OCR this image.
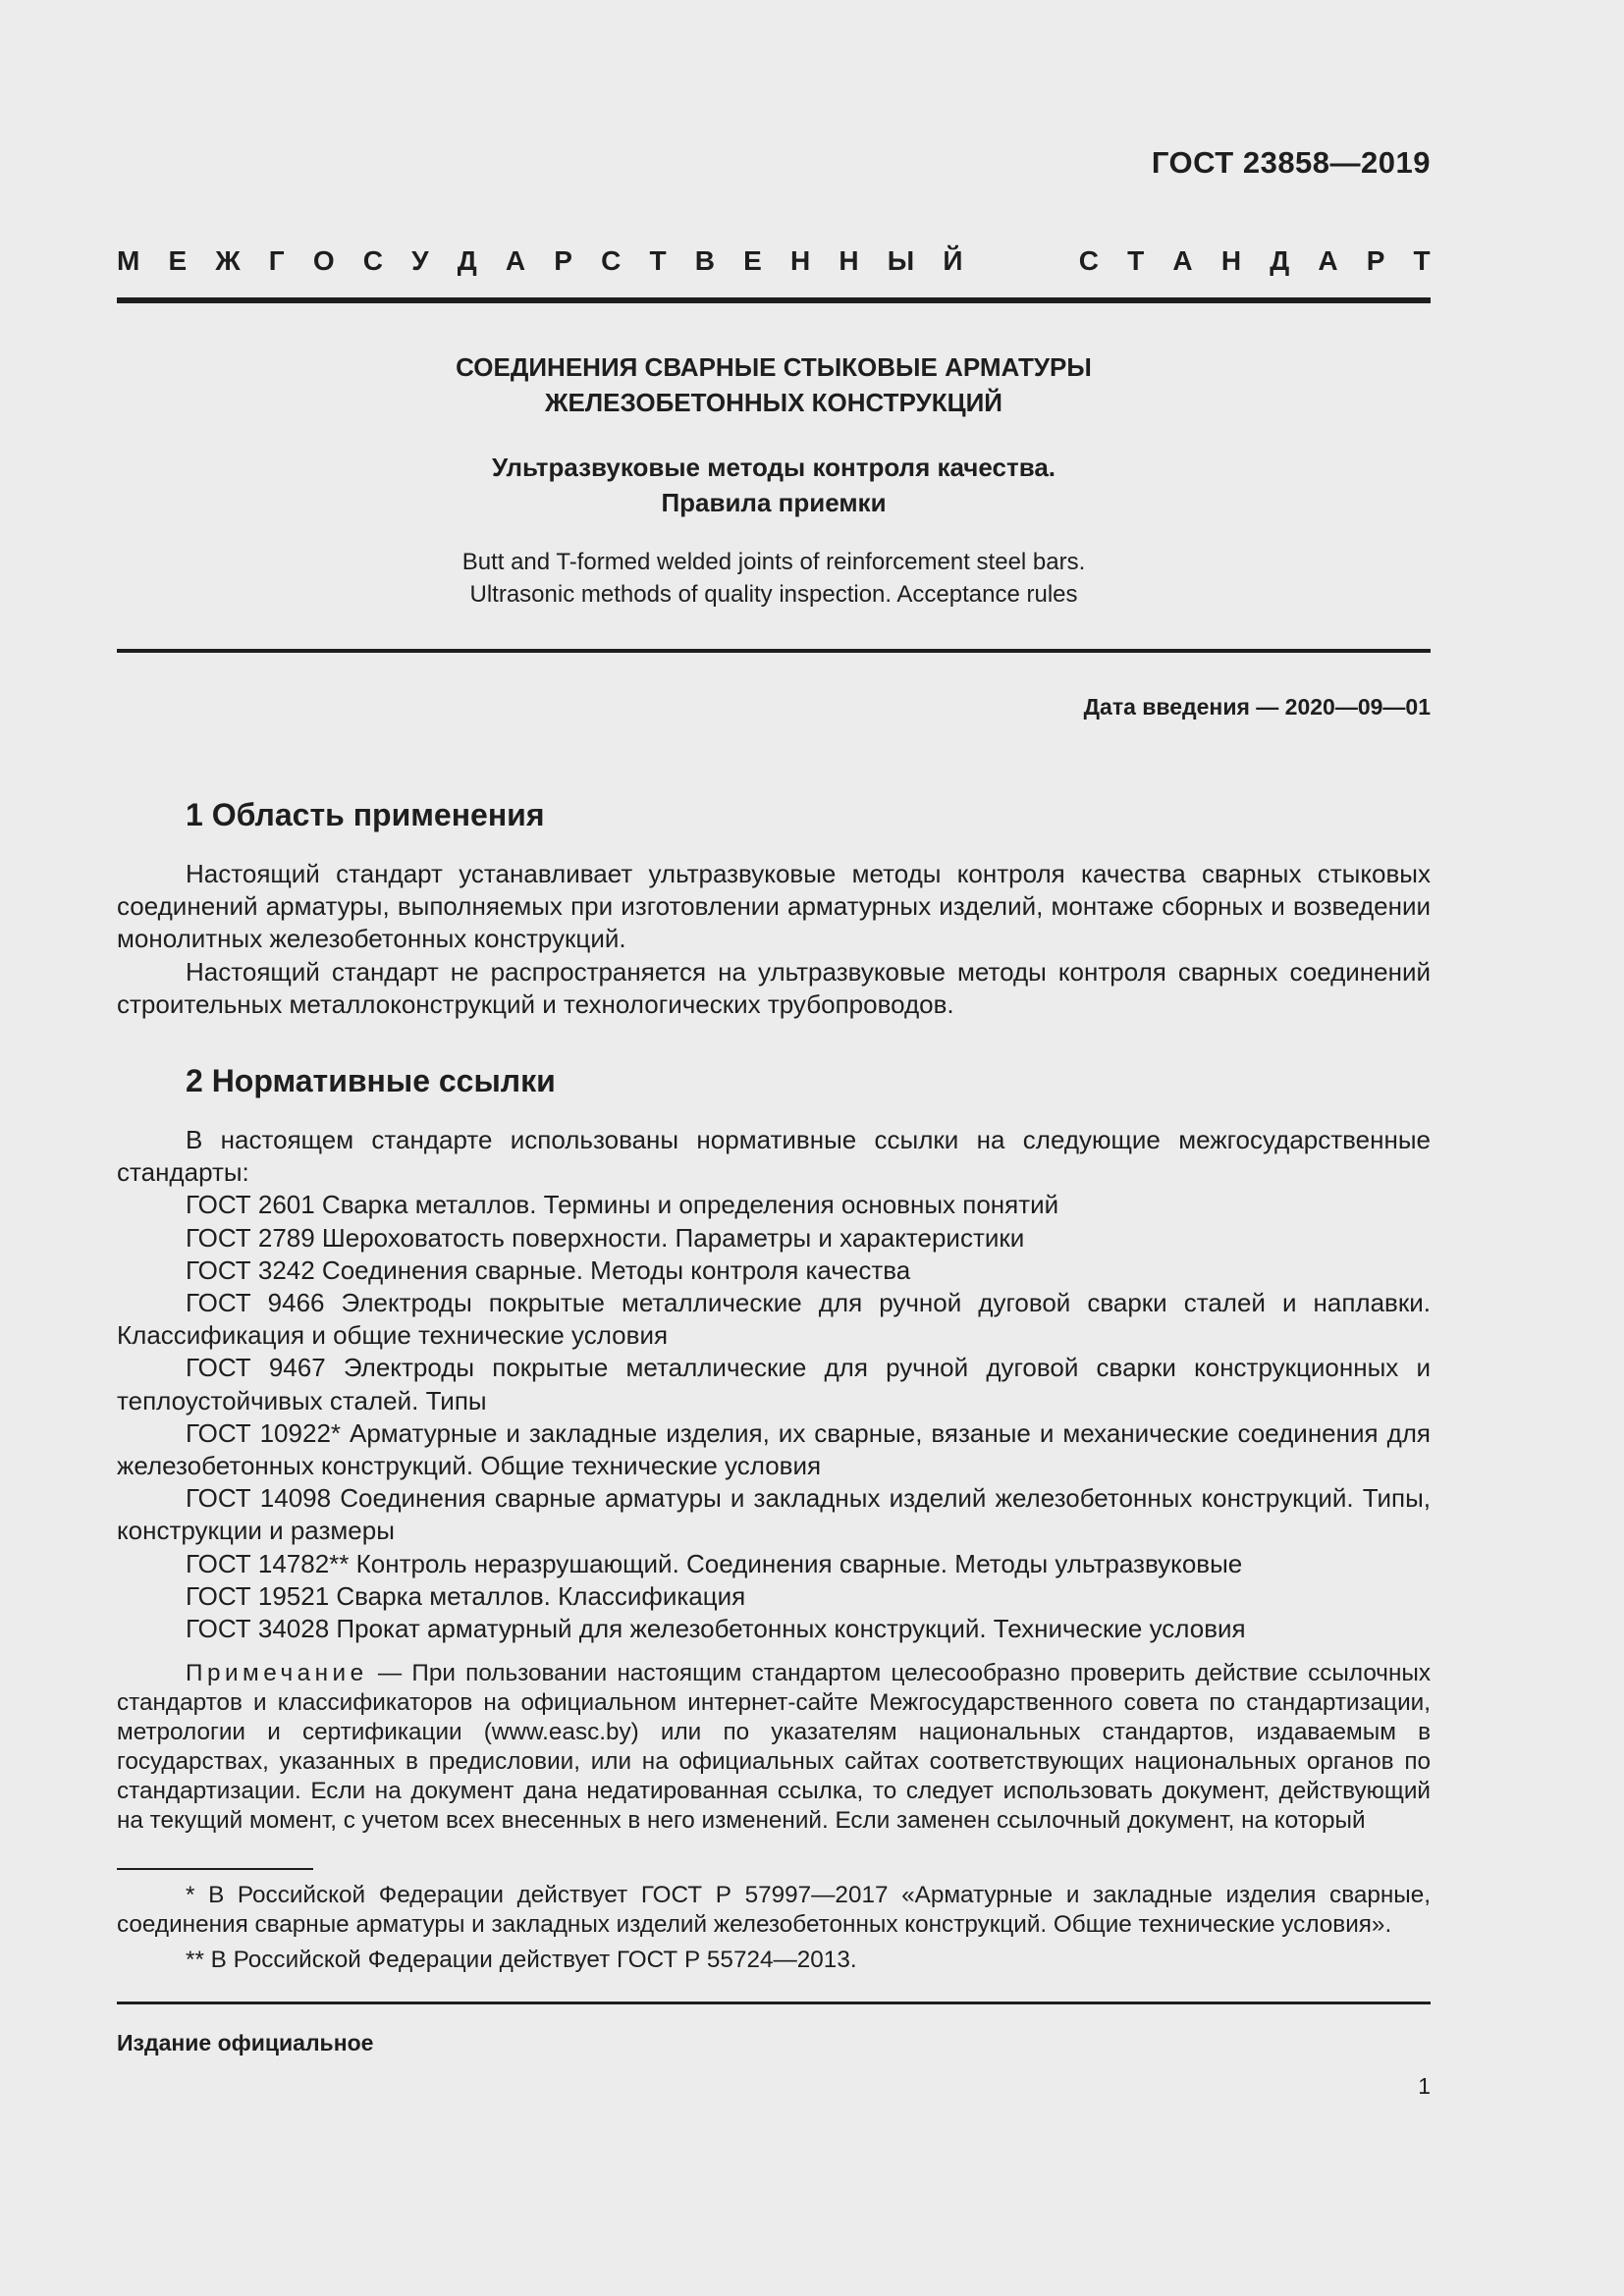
ГОСТ 23858—2019
М Е Ж Г О С У Д А Р С Т В Е Н Н Ы Й	С Т А Н Д А Р Т
СОЕДИНЕНИЯ СВАРНЫЕ СТЫКОВЫЕ АРМАТУРЫ
ЖЕЛЕЗОБЕТОННЫХ КОНСТРУКЦИЙ
Ультразвуковые методы контроля качества.
Правила приемки
Butt and T-formed welded joints of reinforcement steel bars.
Ultrasonic methods of quality inspection. Acceptance rules
Дата введения — 2020—09—01
1 Область применения

Настоящий стандарт устанавливает ультразвуковые методы контроля качества сварных стыковых соединений арматуры, выполняемых при изготовлении арматурных изделий, монтаже сборных и возведении монолитных железобетонных конструкций.

Настоящий стандарт не распространяется на ультразвуковые методы контроля сварных соединений строительных металлоконструкций и технологических трубопроводов.

2 Нормативные ссылки

В настоящем стандарте использованы нормативные ссылки на следующие межгосударственные стандарты:

ГОСТ 2601 Сварка металлов. Термины и определения основных понятий

ГОСТ 2789 Шероховатость поверхности. Параметры и характеристики

ГОСТ 3242 Соединения сварные. Методы контроля качества

ГОСТ 9466 Электроды покрытые металлические для ручной дуговой сварки сталей и наплавки. Классификация и общие технические условия

ГОСТ 9467 Электроды покрытые металлические для ручной дуговой сварки конструкционных и теплоустойчивых сталей. Типы

ГОСТ 10922* Арматурные и закладные изделия, их сварные, вязаные и механические соединения для железобетонных конструкций. Общие технические условия

ГОСТ 14098 Соединения сварные арматуры и закладных изделий железобетонных конструкций. Типы, конструкции и размеры

ГОСТ 14782** Контроль неразрушающий. Соединения сварные. Методы ультразвуковые

ГОСТ 19521 Сварка металлов. Классификация

ГОСТ 34028 Прокат арматурный для железобетонных конструкций. Технические условия

Примечание — При пользовании настоящим стандартом целесообразно проверить действие ссылочных стандартов и классификаторов на официальном интернет-сайте Межгосударственного совета по стандартизации, метрологии и сертификации (www.easc.by) или по указателям национальных стандартов, издаваемым в государствах, указанных в предисловии, или на официальных сайтах соответствующих национальных органов по стандартизации. Если на документ дана недатированная ссылка, то следует использовать документ, действующий на текущий момент, с учетом всех внесенных в него изменений. Если заменен ссылочный документ, на который

* В Российской Федерации действует ГОСТ Р 57997—2017 «Арматурные и закладные изделия сварные, соединения сварные арматуры и закладных изделий железобетонных конструкций. Общие технические условия».

** В Российской Федерации действует ГОСТ Р 55724—2013.

Издание официальное
1
